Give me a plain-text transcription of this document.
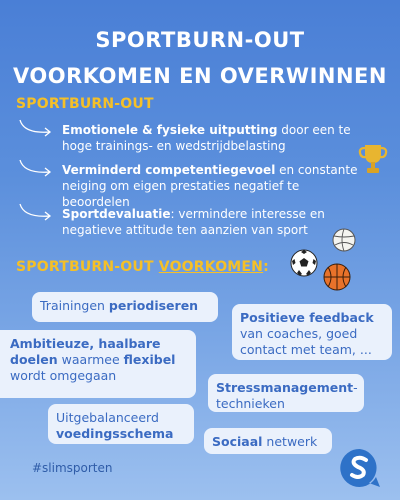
SPORTBURN-OUT
VOORKOMEN EN OVERWINNEN
SPORTBURN-OUT
Emotionele & fysieke uitputting door een te hoge trainings- en wedstrijdbelasting
Verminderd competentiegevoel en constante neiging om eigen prestaties negatief te beoordelen
Sportdevaluatie: vermindere interesse en negatieve attitude ten aanzien van sport
SPORTBURN-OUT VOORKOMEN:
Trainingen periodiseren
Positieve feedback van coaches, goed contact met team, ...
Ambitieuze, haalbare doelen waarmee flexibel wordt omgegaan
Stressmanagement-technieken
Uitgebalanceerd voedingsschema
Sociaal netwerk
#slimsporten
